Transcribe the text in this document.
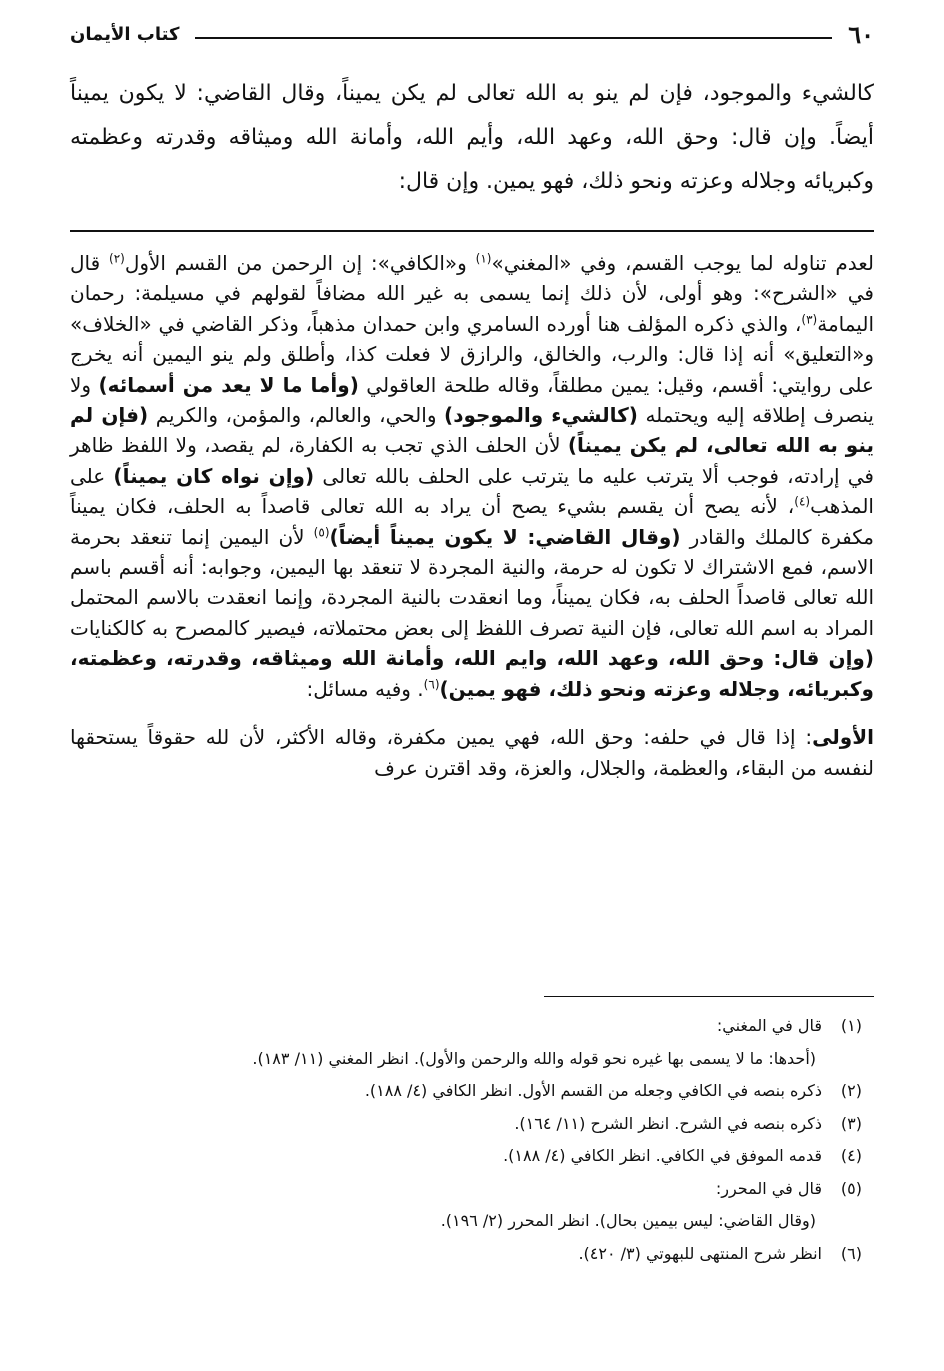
٦٠
كتاب الأيمان

كالشيء والموجود، فإن لم ينو به الله تعالى لم يكن يميناً، وقال القاضي: لا يكون يميناً أيضاً. وإن قال: وحق الله، وعهد الله، وأيم الله، وأمانة الله وميثاقه وقدرته وعظمته وكبريائه وجلاله وعزته ونحو ذلك، فهو يمين. وإن قال:

لعدم تناوله لما يوجب القسم، وفي «المغني»$^{(١)}$ و«الكافي»: إن الرحمن من القسم الأول$^{(٢)}$ قال في «الشرح»: وهو أولى، لأن ذلك إنما يسمى به غير الله مضافاً لقولهم في مسيلمة: رحمان اليمامة$^{(٣)}$، والذي ذكره المؤلف هنا أورده السامري وابن حمدان مذهباً، وذكر القاضي في «الخلاف» و«التعليق» أنه إذا قال: والرب، والخالق، والرازق لا فعلت كذا، وأطلق ولم ينو اليمين أنه يخرج على روايتي: أقسم، وقيل: يمين مطلقاً، وقاله طلحة العاقولي (وأما ما لا يعد من أسمائه) ولا ينصرف إطلاقه إليه ويحتمله (كالشيء والموجود) والحي، والعالم، والمؤمن، والكريم (فإن لم ينو به الله تعالى، لم يكن يميناً) لأن الحلف الذي تجب به الكفارة، لم يقصد، ولا اللفظ ظاهر في إرادته، فوجب ألا يترتب عليه ما يترتب على الحلف بالله تعالى (وإن نواه كان يميناً) على المذهب$^{(٤)}$، لأنه يصح أن يقسم بشيء يصح أن يراد به الله تعالى قاصداً به الحلف، فكان يميناً مكفرة كالملك والقادر (وقال القاضي: لا يكون يميناً أيضاً)$^{(٥)}$ لأن اليمين إنما تنعقد بحرمة الاسم، فمع الاشتراك لا تكون له حرمة، والنية المجردة لا تنعقد بها اليمين، وجوابه: أنه أقسم باسم الله تعالى قاصداً الحلف به، فكان يميناً، وما انعقدت بالنية المجردة، وإنما انعقدت بالاسم المحتمل المراد به اسم الله تعالى، فإن النية تصرف اللفظ إلى بعض محتملاته، فيصير كالمصرح به كالكنايات (وإن قال: وحق الله، وعهد الله، وايم الله، وأمانة الله وميثاقه، وقدرته، وعظمته، وكبريائه، وجلاله وعزته ونحو ذلك، فهو يمين)$^{(٦)}$. وفيه مسائل:

الأولى: إذا قال في حلفه: وحق الله، فهي يمين مكفرة، وقاله الأكثر، لأن لله حقوقاً يستحقها لنفسه من البقاء، والعظمة، والجلال، والعزة، وقد اقترن عرف

(١)
قال في المغني:
(أحدها: ما لا يسمى بها غيره نحو قوله والله والرحمن والأول). انظر المغني (١١/ ١٨٣).
(٢)
ذكره بنصه في الكافي وجعله من القسم الأول. انظر الكافي (٤/ ١٨٨).
(٣)
ذكره بنصه في الشرح. انظر الشرح (١١/ ١٦٤).
(٤)
قدمه الموفق في الكافي. انظر الكافي (٤/ ١٨٨).
(٥)
قال في المحرر:
(وقال القاضي: ليس بيمين بحال). انظر المحرر (٢/ ١٩٦).
(٦)
انظر شرح المنتهى للبهوتي (٣/ ٤٢٠).
